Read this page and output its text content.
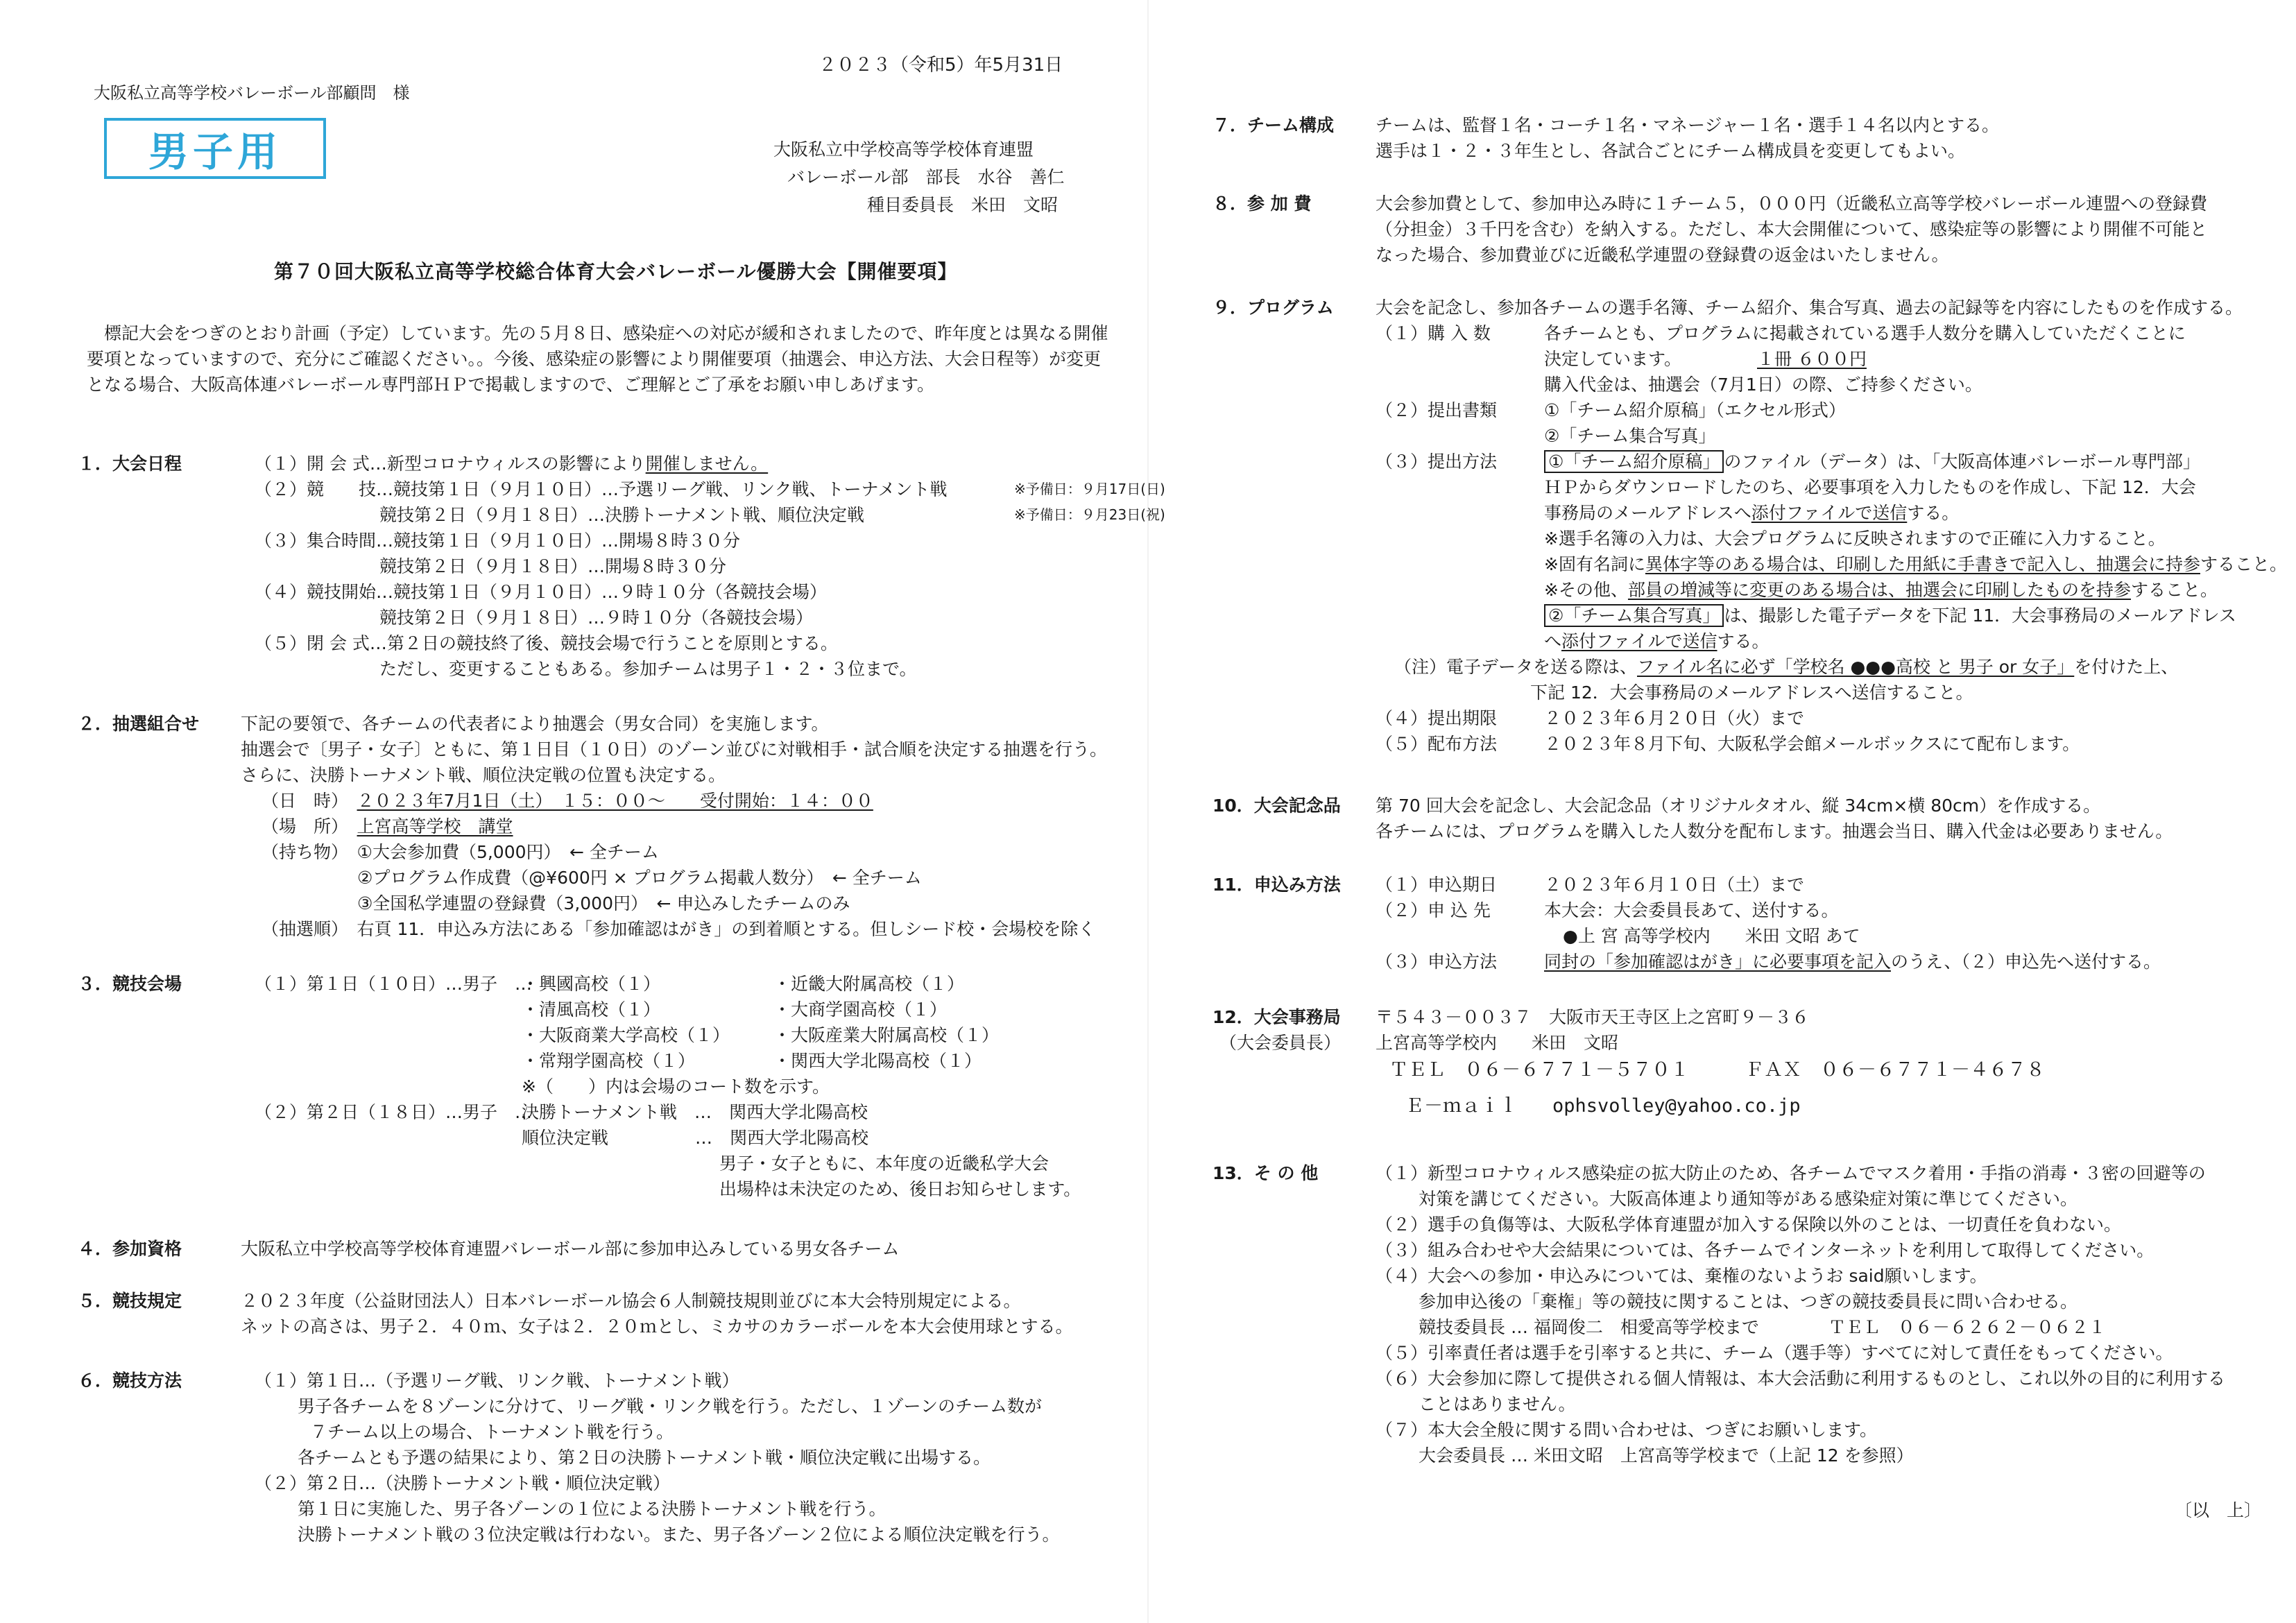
２０２３（令和5）年5月31日
大阪私立高等学校バレーボール部顧問　様
男子用	大阪私立中学校高等学校体育連盟
バレーボール部　部長　水谷　善仁
種目委員長　米田　文昭
第７０回大阪私立高等学校総合体育大会バレーボール優勝大会【開催要項】
　標記大会をつぎのとおり計画（予定）しています。先の５月８日、感染症への対応が緩和されましたので、昨年度とは異なる開催
要項となっていますので、充分にご確認ください。。今後、感染症の影響により開催要項（抽選会、申込方法、大会日程等）が変更
となる場合、大阪高体連バレーボール専門部ＨＰで掲載しますので、ご理解とご了承をお願い申しあげます。
１．大会日程	（１）開 会 式…新型コロナウィルスの影響により開催しません。
（２）競　　技…競技第１日（９月１０日）…予選リーグ戦、リンク戦、トーナメント戦	※予備日：９月17日(日)
競技第２日（９月１８日）…決勝トーナメント戦、順位決定戦	※予備日：９月23日(祝)
（３）集合時間…競技第１日（９月１０日）…開場８時３０分
競技第２日（９月１８日）…開場８時３０分
（４）競技開始…競技第１日（９月１０日）…９時１０分（各競技会場）
競技第２日（９月１８日）…９時１０分（各競技会場）
（５）閉 会 式…第２日の競技終了後、競技会場で行うことを原則とする。
ただし、変更することもある。参加チームは男子１・２・３位まで。
２．抽選組合せ 下記の要領で、各チームの代表者により抽選会（男女合同）を実施します。
抽選会で〔男子・女子〕ともに、第１日目（１０日）のゾーン並びに対戦相手・試合順を決定する抽選を行う。
さらに、決勝トーナメント戦、順位決定戦の位置も決定する。
（日　時）　 ２０２３年7月1日（土）　１５：００～　　受付開始：１４：００
（場　所）　 上宮高等学校　講堂
（持ち物）　 ①大会参加費（5,000円）　← 全チーム
②プログラム作成費（@¥600円 × プログラム掲載人数分）　← 全チーム
③全国私学連盟の登録費（3,000円）　← 申込みしたチームのみ
（抽選順）　 右頁 11．申込み方法にある「参加確認はがき」の到着順とする。但しシード校・会場校を除く
３．競技会場	（１）第１日（１０日）…男子　…
・興國高校（１）	・近畿大附属高校（１）
・清風高校（１）	・大商学園高校（１）
・大阪商業大学高校（１）	・大阪産業大附属高校（１）
・常翔学園高校（１）	・関西大学北陽高校（１）
※（　　）内は会場のコート数を示す。
（２）第２日（１８日）…男子　…
決勝トーナメント戦　…　関西大学北陽高校
順位決定戦　　　　　…　関西大学北陽高校
男子・女子ともに、本年度の近畿私学大会
出場枠は未決定のため、後日お知らせします。
４．参加資格	大阪私立中学校高等学校体育連盟バレーボール部に参加申込みしている男女各チーム
５．競技規定	２０２３年度（公益財団法人）日本バレーボール協会６人制競技規則並びに本大会特別規定による。
ネットの高さは、男子２．４０ｍ、女子は２．２０ｍとし、ミカサのカラーボールを本大会使用球とする。
６．競技方法	（１）第１日…（予選リーグ戦、リンク戦、トーナメント戦）
男子各チームを８ゾーンに分けて、リーグ戦・リンク戦を行う。ただし、１ゾーンのチーム数が
７チーム以上の場合、トーナメント戦を行う。
各チームとも予選の結果により、第２日の決勝トーナメント戦・順位決定戦に出場する。
（２）第２日…（決勝トーナメント戦・順位決定戦）
第１日に実施した、男子各ゾーンの１位による決勝トーナメント戦を行う。
決勝トーナメント戦の３位決定戦は行わない。また、男子各ゾーン２位による順位決定戦を行う。
７．チーム構成 チームは、監督１名・コーチ１名・マネージャー１名・選手１４名以内とする。
選手は１・２・３年生とし、各試合ごとにチーム構成員を変更してもよい。
８．参 加 費	大会参加費として、参加申込み時に１チーム５，０００円（近畿私立高等学校バレーボール連盟への登録費
（分担金）３千円を含む）を納入する。ただし、本大会開催について、感染症等の影響により開催不可能と
なった場合、参加費並びに近畿私学連盟の登録費の返金はいたしません。
９．プログラム 大会を記念し、参加各チームの選手名簿、チーム紹介、集合写真、過去の記録等を内容にしたものを作成する。
（１）購 入 数	各チームとも、プログラムに掲載されている選手人数分を購入していただくことに
決定しています。	１冊 ６００円
購入代金は、抽選会（7月1日）の際、ご持参ください。
（２）提出書類	①「チーム紹介原稿」（エクセル形式）
②「チーム集合写真」
（３）提出方法	①「チーム紹介原稿」 のファイル（データ）は、「大阪高体連バレーボール専門部」
ＨＰからダウンロードしたのち、必要事項を入力したものを作成し、下記 12．大会
事務局のメールアドレスへ添付ファイルで送信する。
※選手名簿の入力は、大会プログラムに反映されますので正確に入力すること。
※固有名詞に異体字等のある場合は、印刷した用紙に手書きで記入し、抽選会に持参すること。
※その他、部員の増減等に変更のある場合は、抽選会に印刷したものを持参すること。
②「チーム集合写真」 は、撮影した電子データを下記 11．大会事務局のメールアドレス
へ添付ファイルで送信する。
（注）電子データを送る際は、ファイル名に必ず「学校名 ●●●高校 と 男子 or 女子」を付けた上、
下記 12．大会事務局のメールアドレスへ送信すること。
（４）提出期限	２０２３年６月２０日（火）まで
（５）配布方法	２０２３年８月下旬、大阪私学会館メールボックスにて配布します。
10．大会記念品 第 70 回大会を記念し、大会記念品（オリジナルタオル、縦 34cm×横 80cm）を作成する。
各チームには、プログラムを購入した人数分を配布します。抽選会当日、購入代金は必要ありません。
11．申込み方法 （１）申込期日	２０２３年６月１０日（土）まで
（２）申 込 先	本大会：大会委員長あて、送付する。
●上 宮 高等学校内　　米田 文昭 あて
（３）申込方法	同封の「参加確認はがき」に必要事項を記入のうえ、（２）申込先へ送付する。
12．大会事務局
（大会委員長）
〒５４３－００３７　大阪市天王寺区上之宮町９－３６
上宮高等学校内　　米田　文昭
ＴＥＬ　０６－６７７１－５７０１　　　ＦＡＸ　０６－６７７１－４６７８
Ｅ－ｍａｉｌ ophsvolley@yahoo.co.jp
13．そ の 他	（１）新型コロナウィルス感染症の拡大防止のため、各チームでマスク着用・手指の消毒・３密の回避等の
対策を講じてください。大阪高体連より通知等がある感染症対策に準じてください。
（２）選手の負傷等は、大阪私学体育連盟が加入する保険以外のことは、一切責任を負わない。
（３）組み合わせや大会結果については、各チームでインターネットを利用して取得してください。
（４）大会への参加・申込みについては、棄権のないようお said願いします。
参加申込後の「棄権」等の競技に関することは、つぎの競技委員長に問い合わせる。
競技委員長 … 福岡俊二　相愛高等学校まで　　　　ＴＥＬ　０６－６２６２－０６２１
（５）引率責任者は選手を引率すると共に、チーム（選手等）すべてに対して責任をもってください。
（６）大会参加に際して提供される個人情報は、本大会活動に利用するものとし、これ以外の目的に利用する
ことはありません。
（７）本大会全般に関する問い合わせは、つぎにお願いします。
大会委員長 … 米田文昭　上宮高等学校まで（上記 12 を参照）
〔以　上〕
